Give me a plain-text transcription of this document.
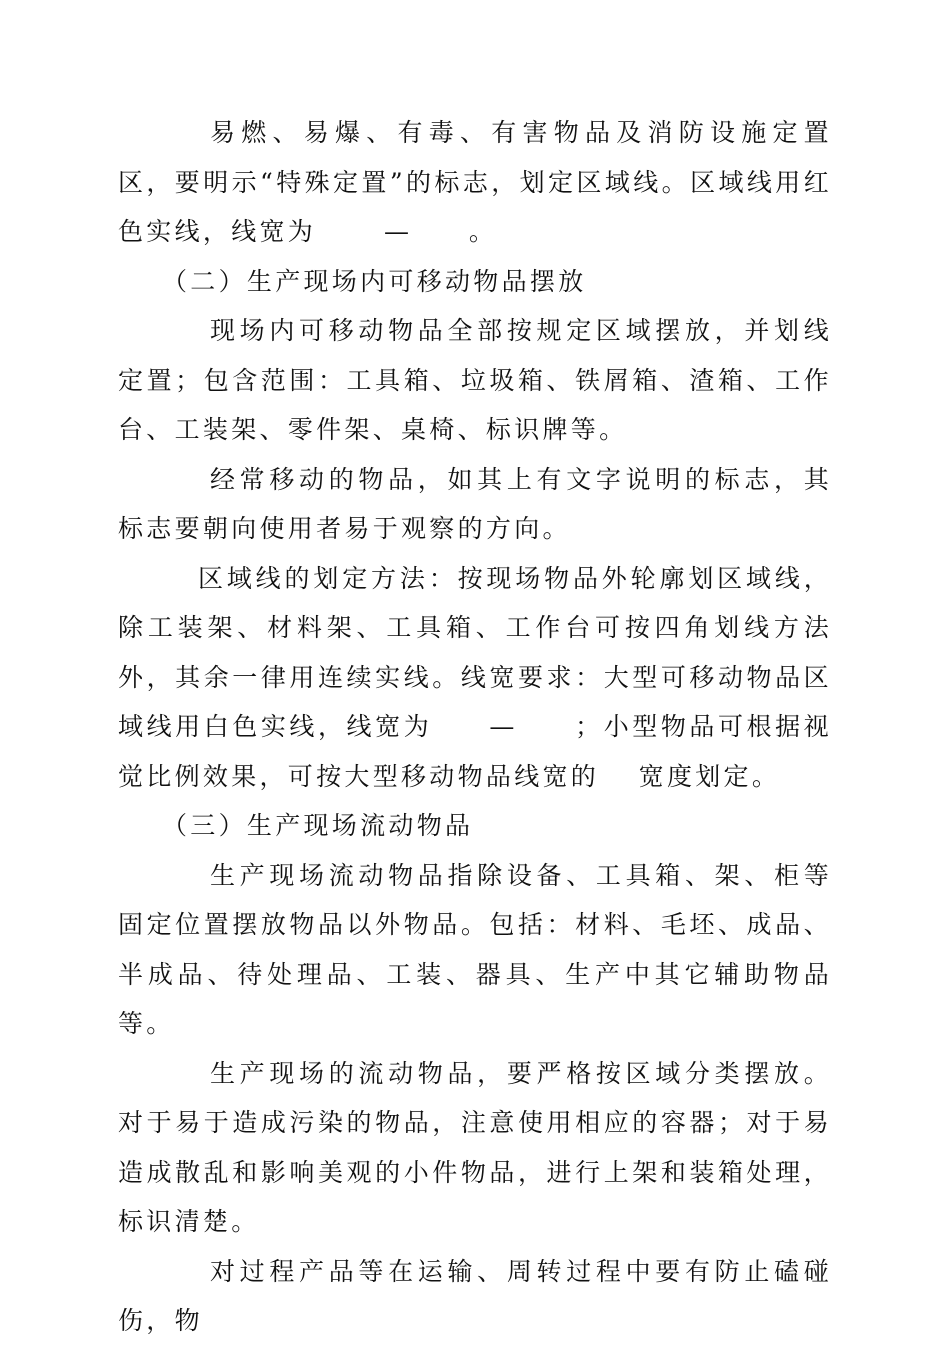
易燃、易爆、有毒、有害物品及消防设施定置区，要明示“特殊定置”的标志，划定区域线。区域线用红色实线，线宽为 　　—　　。

（二）生产现场内可移动物品摆放

现场内可移动物品全部按规定区域摆放，并划线定置；包含范围：工具箱、垃圾箱、铁屑箱、渣箱、工作台、工装架、零件架、桌椅、标识牌等。

经常移动的物品，如其上有文字说明的标志，其标志要朝向使用者易于观察的方向。

区域线的划定方法：按现场物品外轮廓划区域线，除工装架、材料架、工具箱、工作台可按四角划线方法外，其余一律用连续实线。线宽要求：大型可移动物品区域线用白色实线，线宽为　　—　　；小型物品可根据视觉比例效果，可按大型移动物品线宽的　 宽度划定。

（三）生产现场流动物品

生产现场流动物品指除设备、工具箱、架、柜等固定位置摆放物品以外物品。包括：材料、毛坯、成品、半成品、待处理品、工装、器具、生产中其它辅助物品等。

生产现场的流动物品，要严格按区域分类摆放。对于易于造成污染的物品，注意使用相应的容器；对于易造成散乱和影响美观的小件物品，进行上架和装箱处理，标识清楚。

对过程产品等在运输、周转过程中要有防止磕碰伤，物
